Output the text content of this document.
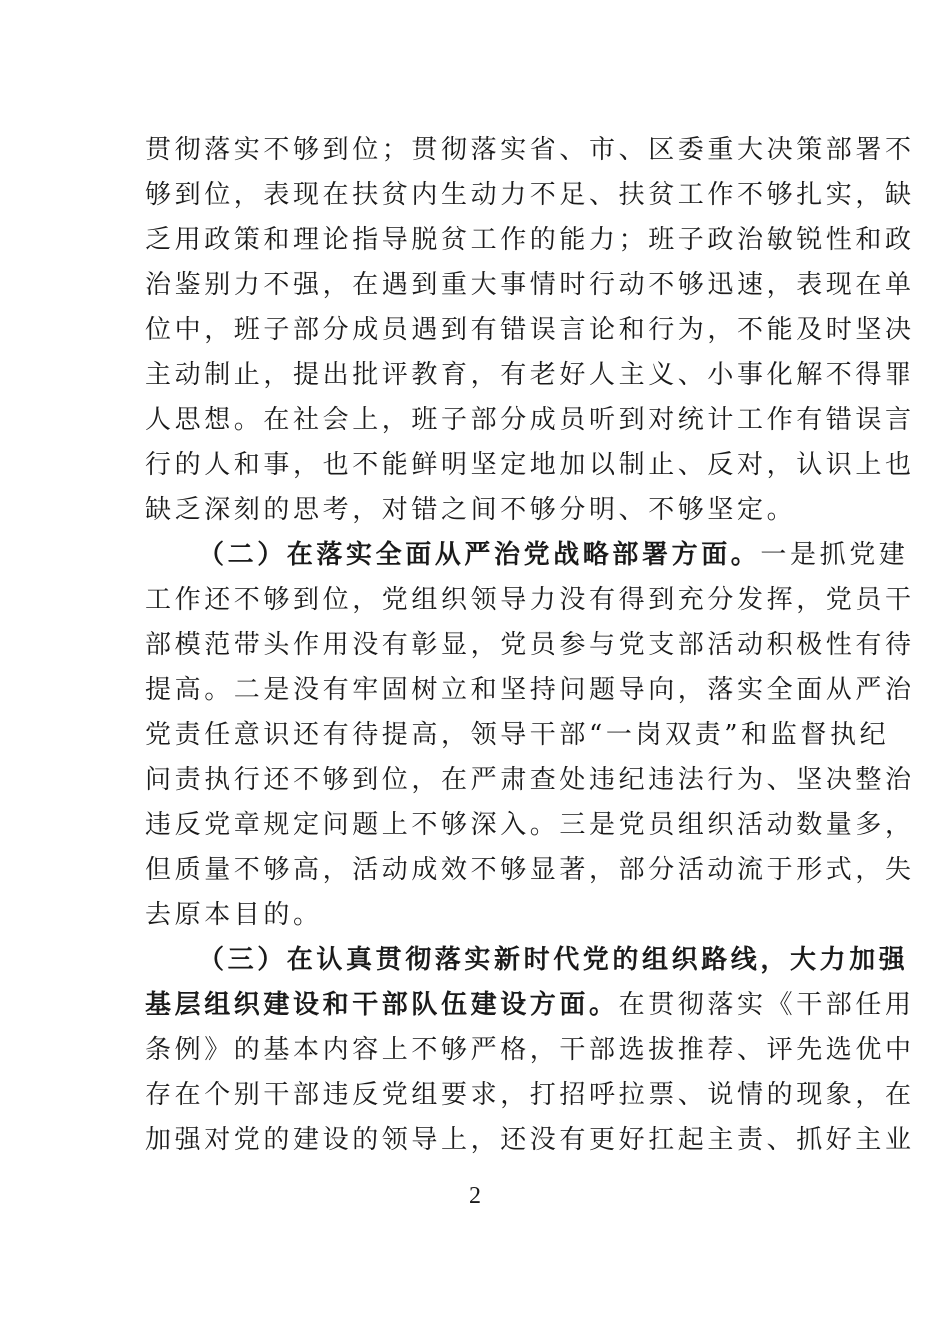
贯彻落实不够到位；贯彻落实省、市、区委重大决策部署不
够到位，表现在扶贫内生动力不足、扶贫工作不够扎实，缺
乏用政策和理论指导脱贫工作的能力；班子政治敏锐性和政
治鉴别力不强，在遇到重大事情时行动不够迅速，表现在单
位中，班子部分成员遇到有错误言论和行为，不能及时坚决
主动制止，提出批评教育，有老好人主义、小事化解不得罪
人思想。在社会上，班子部分成员听到对统计工作有错误言
行的人和事，也不能鲜明坚定地加以制止、反对，认识上也
缺乏深刻的思考，对错之间不够分明、不够坚定。
（二）在落实全面从严治党战略部署方面。一是抓党建
工作还不够到位，党组织领导力没有得到充分发挥，党员干
部模范带头作用没有彰显，党员参与党支部活动积极性有待
提高。二是没有牢固树立和坚持问题导向，落实全面从严治
党责任意识还有待提高，领导干部“一岗双责”和监督执纪
问责执行还不够到位，在严肃查处违纪违法行为、坚决整治
违反党章规定问题上不够深入。三是党员组织活动数量多，
但质量不够高，活动成效不够显著，部分活动流于形式，失
去原本目的。
（三）在认真贯彻落实新时代党的组织路线，大力加强
基层组织建设和干部队伍建设方面。在贯彻落实《干部任用
条例》的基本内容上不够严格，干部选拔推荐、评先选优中
存在个别干部违反党组要求，打招呼拉票、说情的现象，在
加强对党的建设的领导上，还没有更好扛起主责、抓好主业
2
